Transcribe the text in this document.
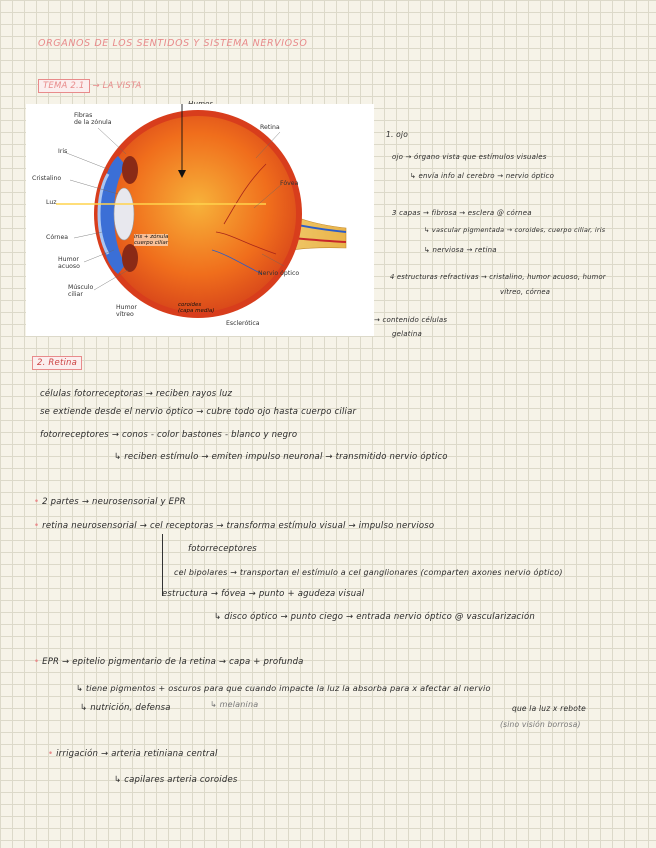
ORGANOS DE LOS SENTIDOS Y SISTEMA NERVIOSO
TEMA 2.1 → LA VISTA
Fibras
de la zónula
Iris
Cristalino
Luz
Córnea
Humor
acuoso
Músculo
ciliar
Humor
vítreo
Esclerótica
Nervio óptico
Retina
Fóvea
iris + zónula
cuerpo ciliar
coroides
(capa media)
1. ojo
ojo → órgano vista que estímulos visuales
↳ envía info al cerebro → nervio óptico
3 capas → fibrosa → esclera @ córnea
↳ vascular pigmentada → coroides, cuerpo ciliar, iris
↳ nerviosa → retina
4 estructuras refractivas → cristalino, humor acuoso, humor
vítreo, córnea
→ contenido células
gelatina
2. Retina
células fotorreceptoras → reciben rayos luz
se extiende desde el nervio óptico → cubre todo ojo hasta cuerpo ciliar
fotorreceptores → conos - color bastones - blanco y negro
↳ reciben estímulo → emiten impulso neuronal → transmitido nervio óptico
• 2 partes → neurosensorial y EPR
• retina neurosensorial → cel receptoras → transforma estímulo visual → impulso nervioso
fotorreceptores
cel bipolares → transportan el estímulo a cel ganglionares (comparten axones nervio óptico)
estructura → fóvea → punto + agudeza visual
↳ disco óptico → punto ciego → entrada nervio óptico @ vascularización
• EPR → epitelio pigmentario de la retina → capa + profunda
↳ tiene pigmentos + oscuros para que cuando impacte la luz la absorba para x afectar al nervio
↳ nutrición, defensa	↳ melanina	que la luz x rebote
(sino visión borrosa)
• irrigación → arteria retiniana central
↳ capilares arteria coroides
